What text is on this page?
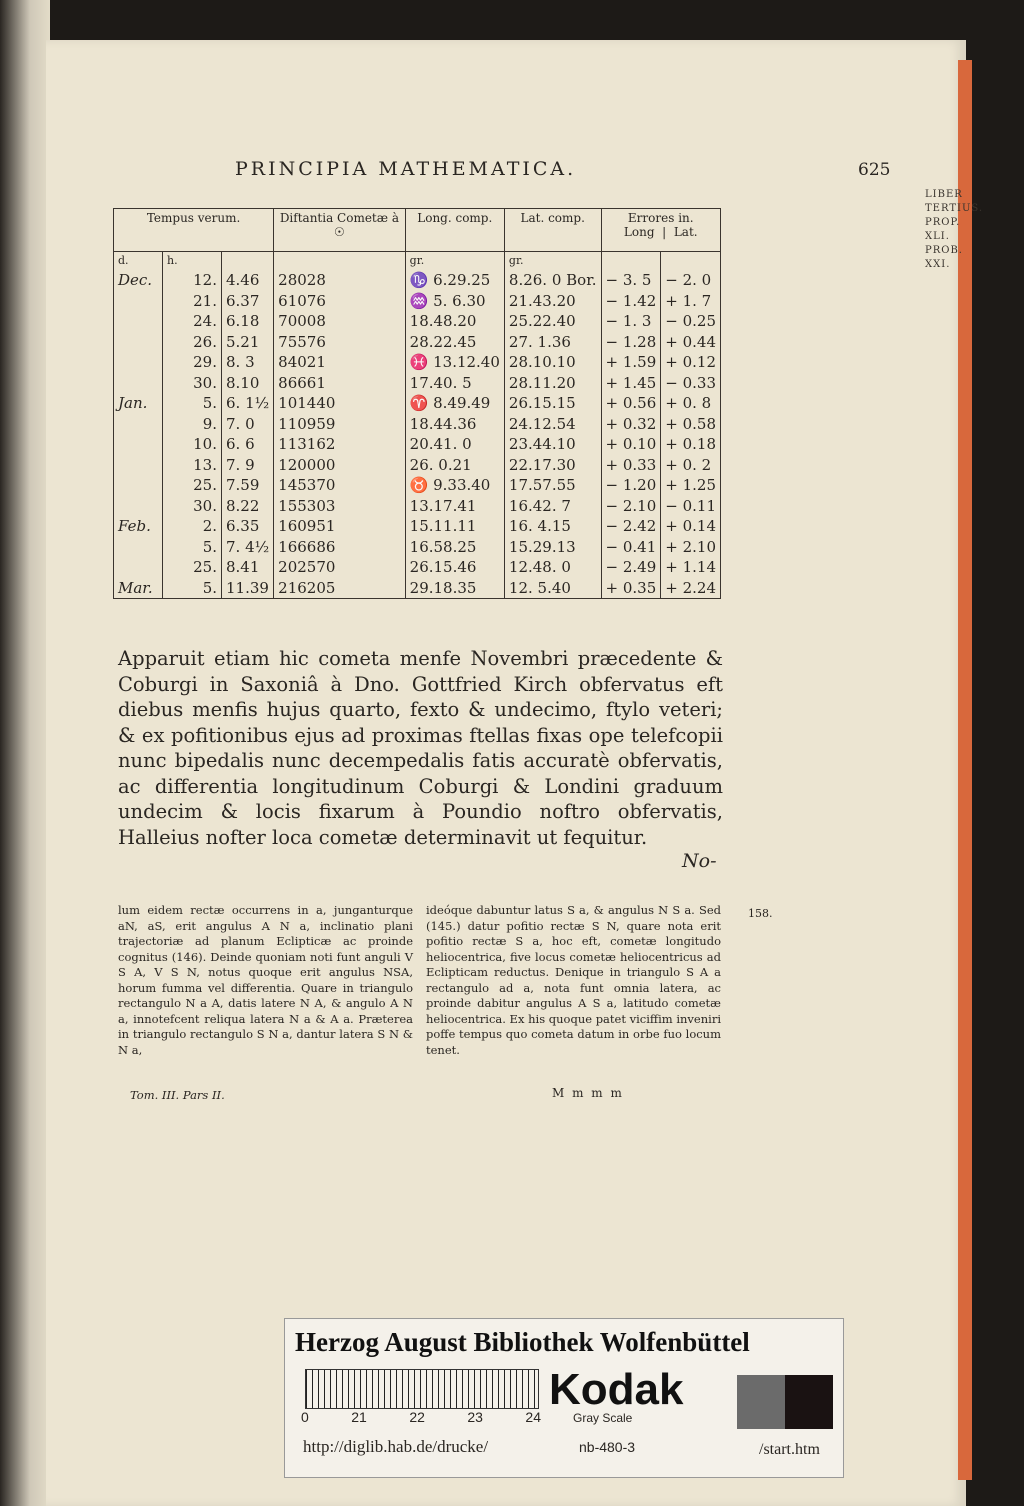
PRINCIPIA MATHEMATICA.	625
LIBER
TERTIUS.
PROP.
XLI.
PROB.
XXI.
Tempus verum.			Diftantia Cometæ à ☉	Long. comp.	Lat. comp.	Errores in.
Long  |  Lat.	
d.	h.			gr.	gr.		
Dec.	12.	4.46	28028	♑ 6.29.25	8.26. 0 Bor.	− 3. 5	− 2. 0
	21.	6.37	61076	♒ 5. 6.30	21.43.20	− 1.42	+ 1. 7
	24.	6.18	70008	18.48.20	25.22.40	− 1. 3	− 0.25
	26.	5.21	75576	28.22.45	27. 1.36	− 1.28	+ 0.44
	29.	8. 3	84021	♓ 13.12.40	28.10.10	+ 1.59	+ 0.12
	30.	8.10	86661	17.40. 5	28.11.20	+ 1.45	− 0.33
Jan.	5.	6. 1½	101440	♈ 8.49.49	26.15.15	+ 0.56	+ 0. 8
	9.	7. 0	110959	18.44.36	24.12.54	+ 0.32	+ 0.58
	10.	6. 6	113162	20.41. 0	23.44.10	+ 0.10	+ 0.18
	13.	7. 9	120000	26. 0.21	22.17.30	+ 0.33	+ 0. 2
	25.	7.59	145370	♉ 9.33.40	17.57.55	− 1.20	+ 1.25
	30.	8.22	155303	13.17.41	16.42. 7	− 2.10	− 0.11
Feb.	2.	6.35	160951	15.11.11	16. 4.15	− 2.42	+ 0.14
	5.	7. 4½	166686	16.58.25	15.29.13	− 0.41	+ 2.10
	25.	8.41	202570	26.15.46	12.48. 0	− 2.49	+ 1.14
Mar.	5.	11.39	216205	29.18.35	12. 5.40	+ 0.35	+ 2.24
Apparuit etiam hic cometa menfe Novembri præcedente & Coburgi in Saxoniâ à Dno. Gottfried Kirch obfervatus eft diebus menfis hujus quarto, fexto & undecimo, ftylo veteri; & ex pofitionibus ejus ad proximas ftellas fixas ope telefcopii nunc bipedalis nunc decempedalis fatis accuratè obfervatis, ac differentia longitudinum Coburgi & Londini graduum undecim & locis fixarum à Poundio noftro obfervatis, Halleius nofter loca cometæ determinavit ut fequitur.
No-
lum eidem rectæ occurrens in a, junganturque aN, aS, erit angulus A N a, inclinatio plani trajectoriæ ad planum Eclipticæ ac proinde cognitus (146). Deinde quoniam noti funt anguli V S A, V S N, notus quoque erit angulus NSA, horum fumma vel differentia. Quare in triangulo rectangulo N a A, datis latere N A, & angulo A N a, innotefcent reliqua latera N a & A a. Præterea in triangulo rectangulo S N a, dantur latera S N & N a,
ideóque dabuntur latus S a, & angulus N S a. Sed (145.) datur pofitio rectæ S N, quare nota erit pofitio rectæ S a, hoc eft, cometæ longitudo heliocentrica, five locus cometæ heliocentricus ad Eclipticam reductus. Denique in triangulo S A a rectangulo ad a, nota funt omnia latera, ac proinde dabitur angulus A S a, latitudo cometæ heliocentrica. Ex his quoque patet viciffim inveniri poffe tempus quo cometa datum in orbe fuo locum tenet.
158.
Tom. III. Pars II.	M m m m
Herzog August Bibliothek Wolfenbüttel
0	21	22	23	24
Kodak
Gray Scale
http://diglib.hab.de/drucke/	nb-480-3	/start.htm
